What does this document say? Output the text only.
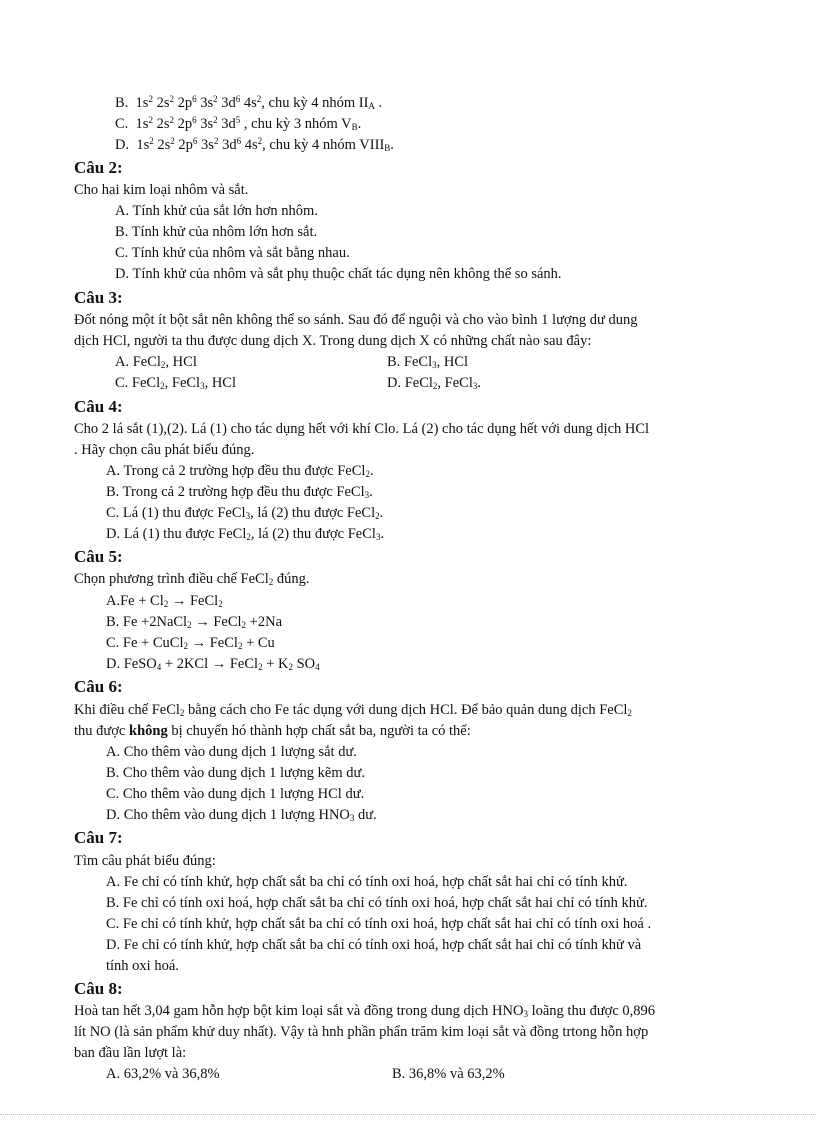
B. $1s^2$ $2s^2$ $2p^6$ $3s^2$ $3d^6$ $4s^2$, chu kỳ 4 nhóm $II_A$ .
C. $1s^2$ $2s^2$ $2p^6$ $3s^2$ $3d^5$ , chu kỳ 3 nhóm $V_B$.
D. $1s^2$ $2s^2$ $2p^6$ $3s^2$ $3d^6$ $4s^2$, chu kỳ 4 nhóm $VIII_B$.
Câu 2:
Cho hai kim loại nhôm và sắt.
A. Tính khử của sắt lớn hơn nhôm.
B. Tính khử của nhôm lớn hơn sắt.
C. Tính khử của nhôm và sắt bằng nhau.
D. Tính khử của nhôm và sắt phụ thuộc chất tác dụng nên không thể so sánh.
Câu 3:
Đốt nóng một ít bột sắt nên không thể so sánh. Sau đó để nguội và cho vào bình 1 lượng dư dung
dịch HCl, người ta thu được dung dịch X. Trong dung dịch X có những chất nào sau đây:
A. FeCl$_2$, HCl	B. FeCl$_3$, HCl
C. FeCl$_2$, FeCl$_3$, HCl	D. FeCl$_2$, FeCl$_3$.
Câu 4:
Cho 2 lá sắt (1),(2). Lá (1) cho tác dụng hết với khí Clo. Lá (2) cho tác dụng hết với dung dịch HCl
. Hãy chọn câu phát biểu đúng.
A. Trong cả 2 trường hợp đều thu được FeCl$_2$.
B. Trong cả 2 trường hợp đều thu được FeCl$_3$.
C. Lá (1) thu được FeCl$_3$, lá (2) thu được FeCl$_2$.
D. Lá (1) thu được FeCl$_2$, lá (2) thu được FeCl$_3$.
Câu 5:
Chọn phương trình điều chế FeCl$_2$ đúng.
$A.Fe + Cl_2$ → FeCl$_2$
B. Fe +2NaCl$_2$ → FeCl$_2$ +2Na
C. Fe + CuCl$_2$ → FeCl$_2$ + Cu
D. FeSO$_4$ + 2KCl → FeCl$_2$ + $K_2$ $SO_4$
Câu 6:
Khi điều chế FeCl$_2$ bằng cách cho Fe tác dụng với dung dịch HCl. Để bảo quản dung dịch FeCl$_2$
thu được không bị chuyển hó thành hợp chất sắt ba, người ta có thể:
A. Cho thêm vào dung dịch 1 lượng sắt dư.
B. Cho thêm vào dung dịch 1 lượng kẽm dư.
C. Cho thêm vào dung dịch 1 lượng HCl dư.
D. Cho thêm vào dung dịch 1 lượng $HNO_3$ dư.
Câu 7:
Tìm câu phát biểu đúng:
A. Fe chỉ có tính khử, hợp chất sắt ba chỉ có tính oxi hoá, hợp chất sắt hai chỉ có tính khử.
B. Fe chỉ có tính oxi hoá, hợp chất sắt ba chỉ có tính oxi hoá, hợp chất sắt hai chỉ có tính khử.
C. Fe chỉ có tính khử, hợp chất sắt ba chỉ có tính oxi hoá, hợp chất sắt hai chỉ có tính oxi hoá .
D. Fe chỉ có tính khử, hợp chất sắt ba chỉ có tính oxi hoá, hợp chất sắt hai chỉ có tính khử và
tính oxi hoá.
Câu 8:
Hoà tan hết 3,04 gam hỗn hợp bột kim loại sắt và đồng trong dung dịch $HNO_3$ loãng thu được 0,896
lít NO (là sản phẩm khử duy nhất). Vậy tà hnh phần phẩn trăm kim loại sắt và đồng trtong hỗn hợp
ban đầu lần lượt là:
A. 63,2% và 36,8%	B. 36,8% và 63,2%
